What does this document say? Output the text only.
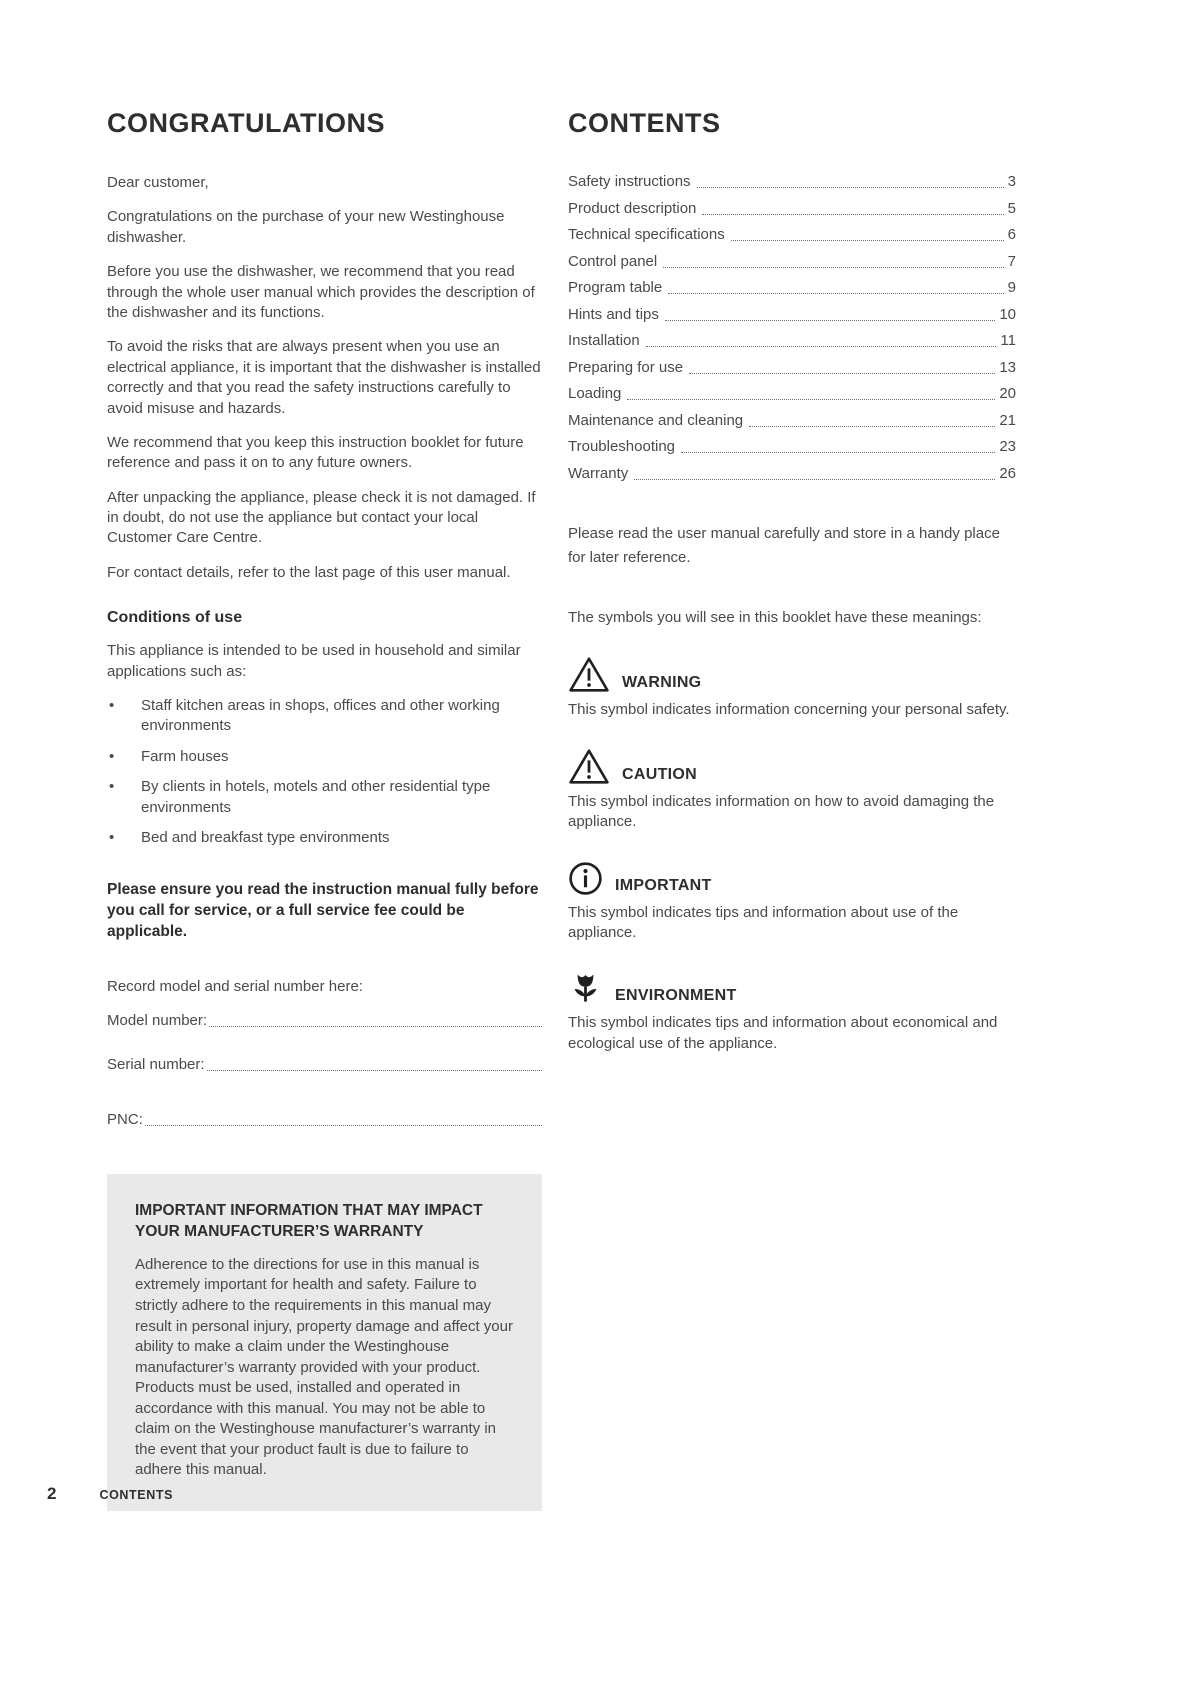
CONGRATULATIONS

Dear customer,

Congratulations on the purchase of your new Westinghouse dishwasher.

Before you use the dishwasher, we recommend that you read through the whole user manual which provides the description of the dishwasher and its functions.

To avoid the risks that are always present when you use an electrical appliance, it is important that the dishwasher is installed correctly and that you read the safety instructions carefully to avoid misuse and hazards.

We recommend that you keep this instruction booklet for future reference and pass it on to any future owners.

After unpacking the appliance, please check it is not damaged. If in doubt, do not use the appliance but contact your local Customer Care Centre.

For contact details, refer to the last page of this user manual.

Conditions of use

This appliance is intended to be used in household and similar applications such as:

• Staff kitchen areas in shops, offices and other working environments
• Farm houses
• By clients in hotels, motels and other residential type environments
• Bed and breakfast type environments

Please ensure you read the instruction manual fully before you call for service, or a full service fee could be applicable.

Record model and serial number here:

Model number:
Serial number:
PNC:
IMPORTANT INFORMATION THAT MAY IMPACT YOUR MANUFACTURER’S WARRANTY

Adherence to the directions for use in this manual is extremely important for health and safety. Failure to strictly adhere to the requirements in this manual may result in personal injury, property damage and affect your ability to make a claim under the Westinghouse manufacturer’s warranty provided with your product. Products must be used, installed and operated in accordance with this manual. You may not be able to claim on the Westinghouse manufacturer’s warranty in the event that your product fault is due to failure to adhere this manual.

CONTENTS
Safety instructions	3
Product description	5
Technical specifications	6
Control panel	7
Program table	9
Hints and tips	10
Installation	11
Preparing for use	13
Loading	20
Maintenance and cleaning	21
Troubleshooting	23
Warranty	26

Please read the user manual carefully and store in a handy place for later reference.

The symbols you will see in this booklet have these meanings:

WARNING

This symbol indicates information concerning your personal safety.

CAUTION

This symbol indicates information on how to avoid damaging the appliance.

IMPORTANT

This symbol indicates tips and information about use of the appliance.

ENVIRONMENT

This symbol indicates tips and information about economical and ecological use of the appliance.

2	CONTENTS
